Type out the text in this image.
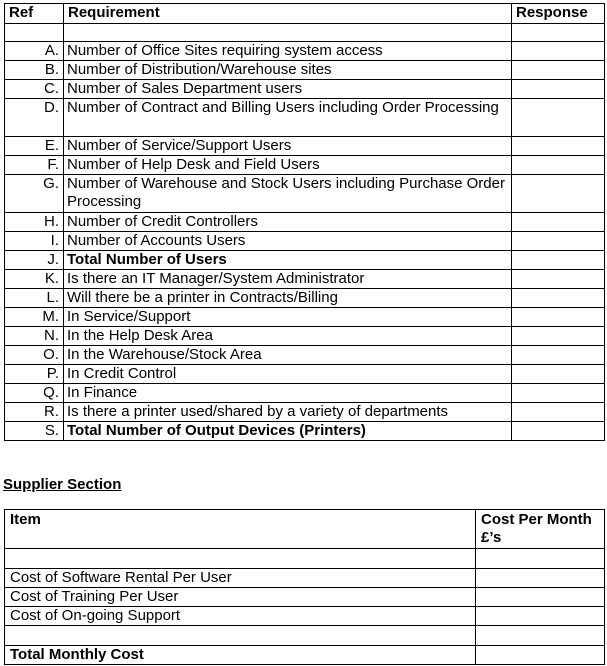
Ref	Requirement	Response

A.	Number of Office Sites requiring system access	
B.	Number of Distribution/Warehouse sites	
C.	Number of Sales Department users	
D.	Number of Contract and Billing Users including Order Processing	
E.	Number of Service/Support Users	
F.	Number of Help Desk and Field Users	
G.	Number of Warehouse and Stock Users including Purchase Order Processing	
H.	Number of Credit Controllers	
I.	Number of Accounts Users	
J.	Total Number of Users	
K.	Is there an IT Manager/System Administrator	
L.	Will there be a printer in Contracts/Billing	
M.	In Service/Support	
N.	In the Help Desk Area	
O.	In the Warehouse/Stock Area	
P.	In Credit Control	
Q.	In Finance	
R.	Is there a printer used/shared by a variety of departments	
S.	Total Number of Output Devices (Printers)	
Supplier Section
Item	Cost Per Month £’s

Cost of Software Rental Per User	
Cost of Training Per User	
Cost of On-going Support	

Total Monthly Cost	
